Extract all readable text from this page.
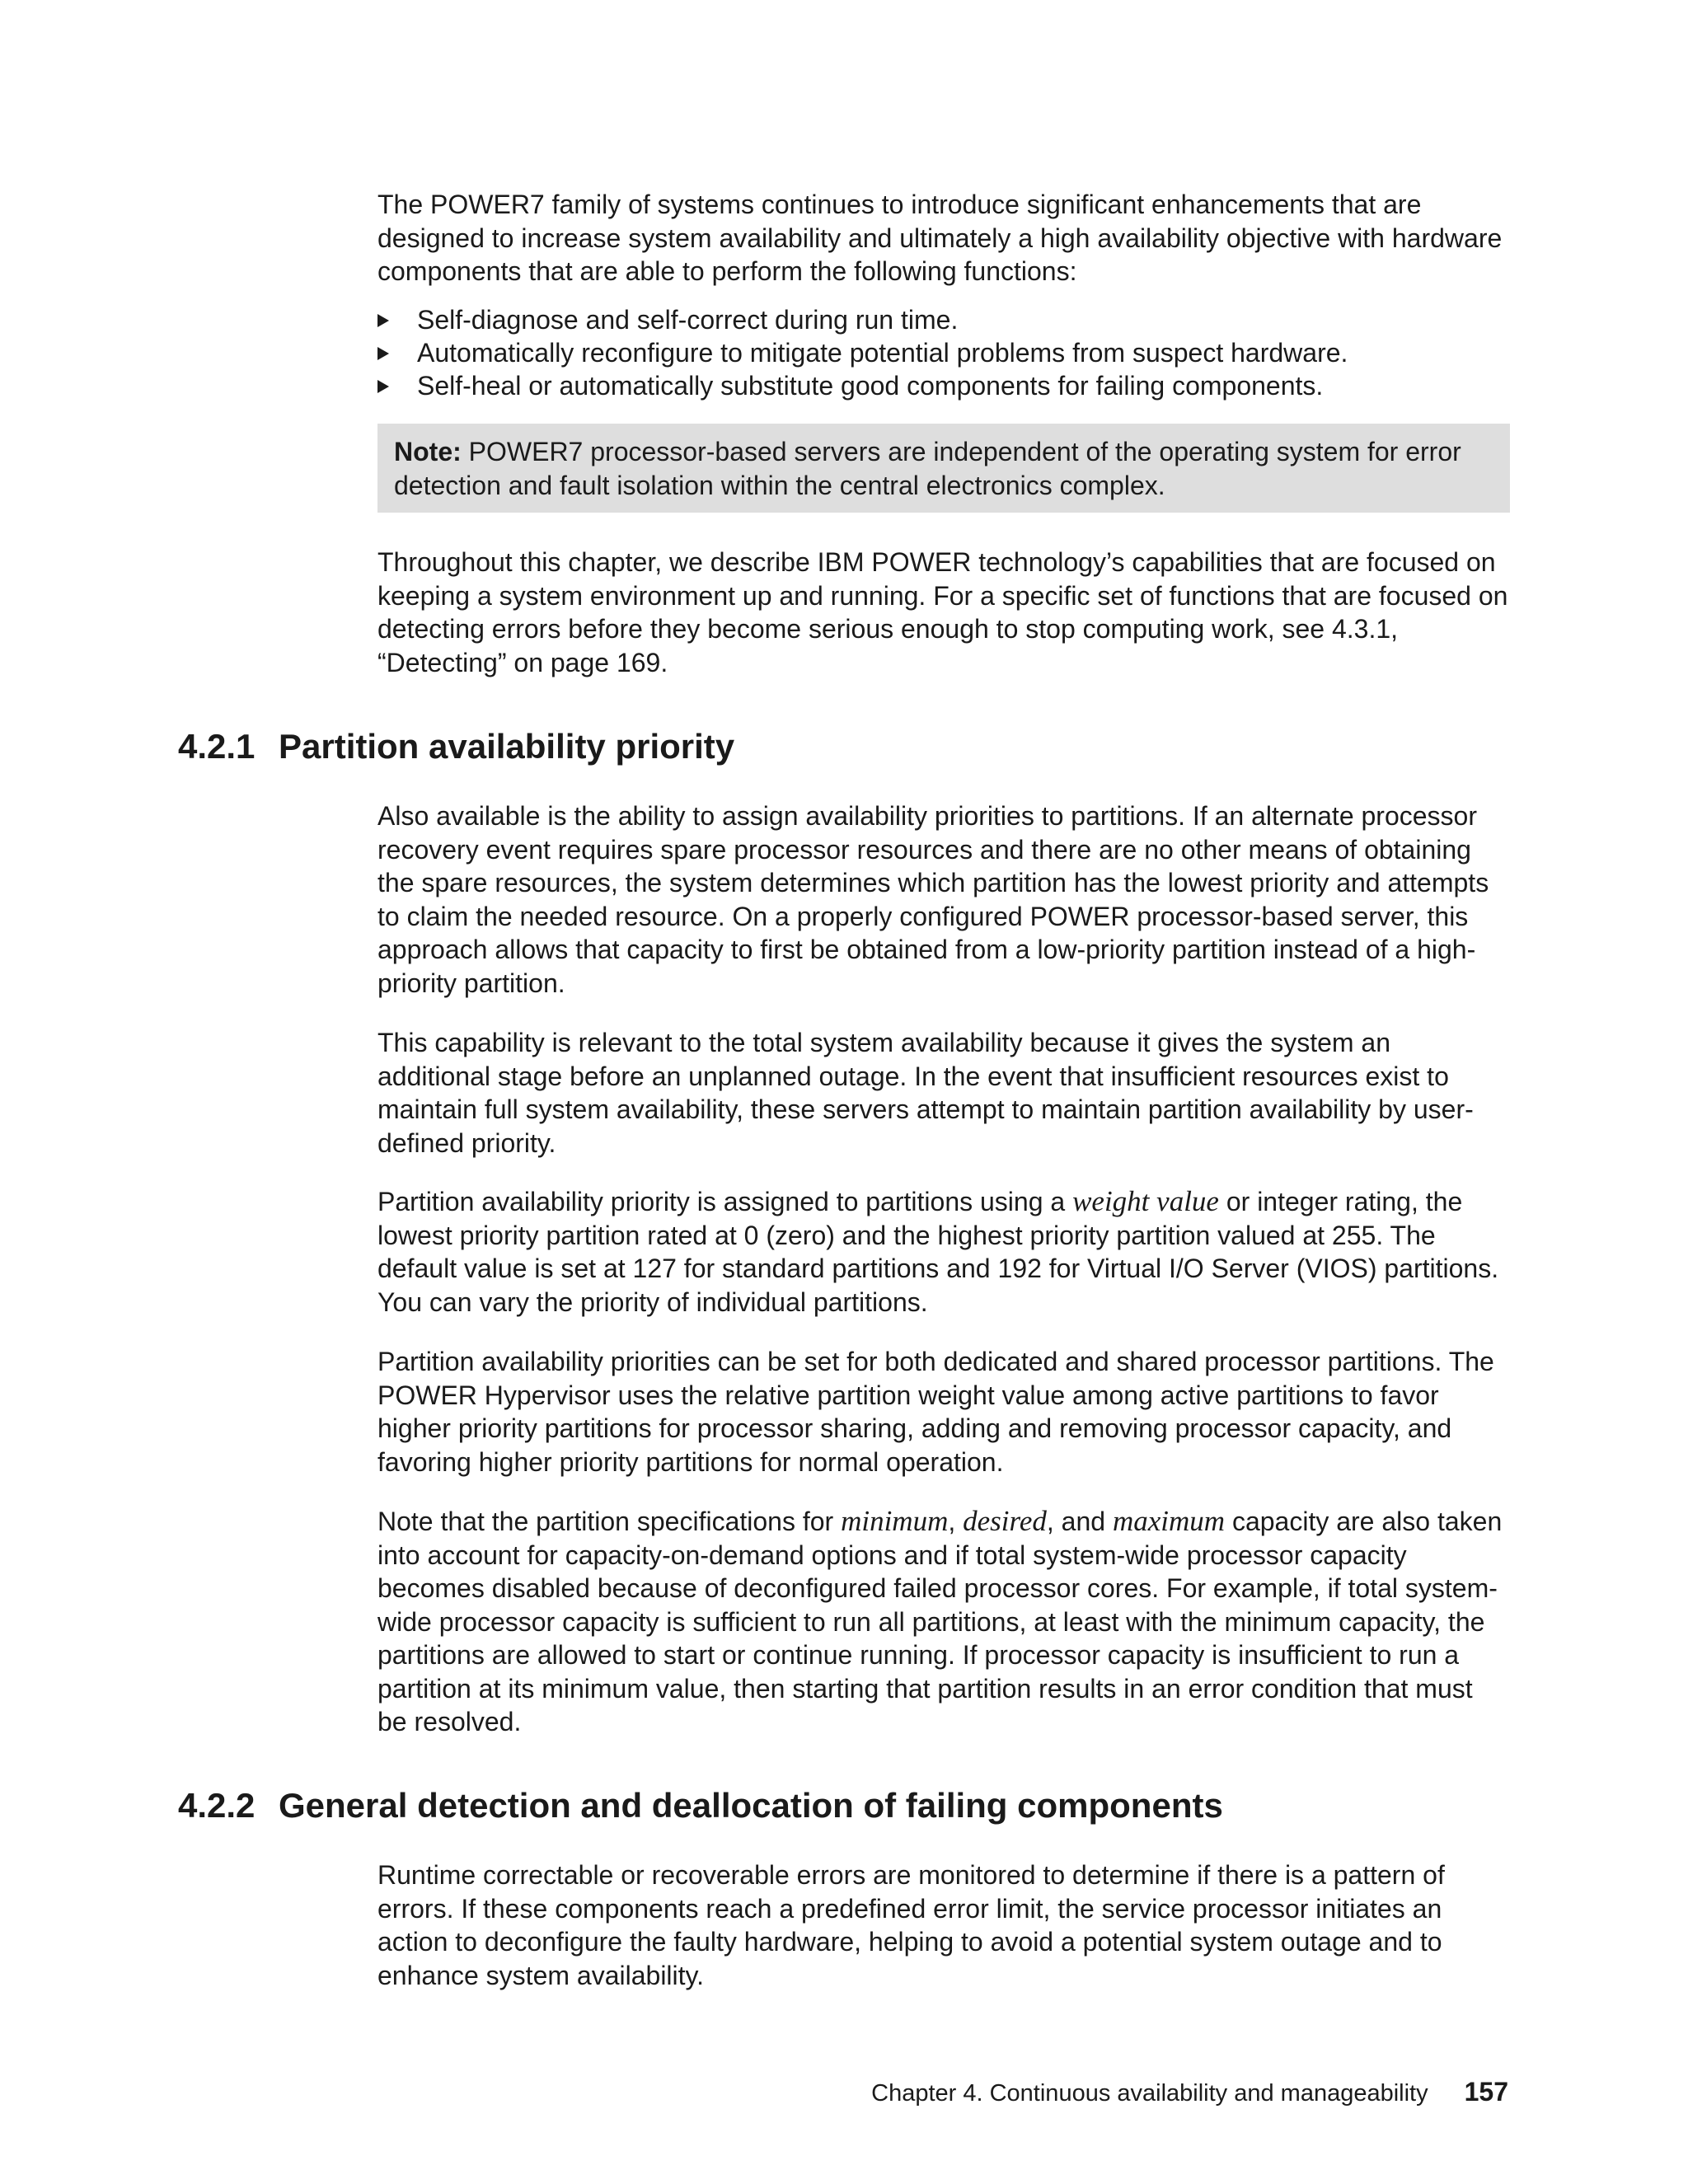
The POWER7 family of systems continues to introduce significant enhancements that are designed to increase system availability and ultimately a high availability objective with hardware components that are able to perform the following functions:

Self-diagnose and self-correct during run time.
Automatically reconfigure to mitigate potential problems from suspect hardware.
Self-heal or automatically substitute good components for failing components.
Note: POWER7 processor-based servers are independent of the operating system for error detection and fault isolation within the central electronics complex.

Throughout this chapter, we describe IBM POWER technology’s capabilities that are focused on keeping a system environment up and running. For a specific set of functions that are focused on detecting errors before they become serious enough to stop computing work, see 4.3.1, “Detecting” on page 169.

4.2.1 Partition availability priority

Also available is the ability to assign availability priorities to partitions. If an alternate processor recovery event requires spare processor resources and there are no other means of obtaining the spare resources, the system determines which partition has the lowest priority and attempts to claim the needed resource. On a properly configured POWER processor-based server, this approach allows that capacity to first be obtained from a low-priority partition instead of a high-priority partition.

This capability is relevant to the total system availability because it gives the system an additional stage before an unplanned outage. In the event that insufficient resources exist to maintain full system availability, these servers attempt to maintain partition availability by user-defined priority.

Partition availability priority is assigned to partitions using a weight value or integer rating, the lowest priority partition rated at 0 (zero) and the highest priority partition valued at 255. The default value is set at 127 for standard partitions and 192 for Virtual I/O Server (VIOS) partitions. You can vary the priority of individual partitions.

Partition availability priorities can be set for both dedicated and shared processor partitions. The POWER Hypervisor uses the relative partition weight value among active partitions to favor higher priority partitions for processor sharing, adding and removing processor capacity, and favoring higher priority partitions for normal operation.

Note that the partition specifications for minimum, desired, and maximum capacity are also taken into account for capacity-on-demand options and if total system-wide processor capacity becomes disabled because of deconfigured failed processor cores. For example, if total system-wide processor capacity is sufficient to run all partitions, at least with the minimum capacity, the partitions are allowed to start or continue running. If processor capacity is insufficient to run a partition at its minimum value, then starting that partition results in an error condition that must be resolved.

4.2.2 General detection and deallocation of failing components

Runtime correctable or recoverable errors are monitored to determine if there is a pattern of errors. If these components reach a predefined error limit, the service processor initiates an action to deconfigure the faulty hardware, helping to avoid a potential system outage and to enhance system availability.

Chapter 4. Continuous availability and manageability 157
